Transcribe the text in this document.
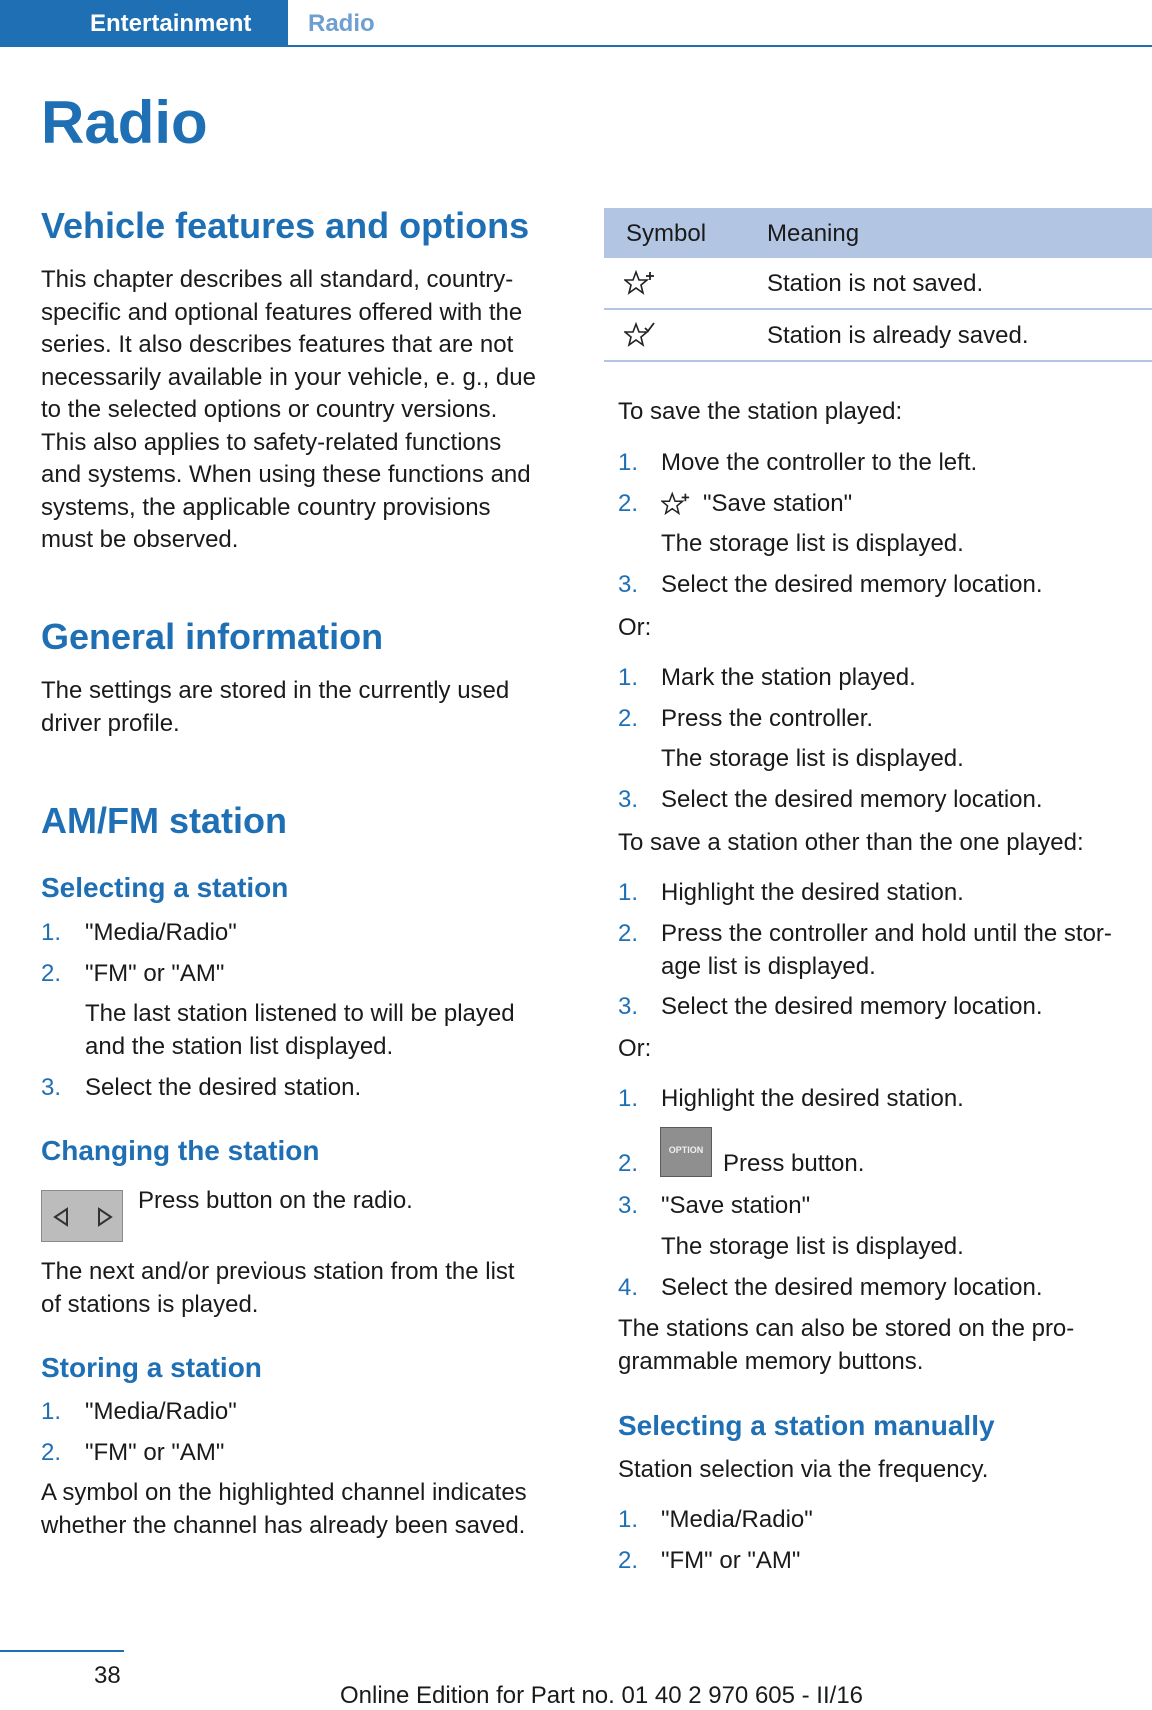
Entertainment Radio
Radio
Vehicle features and options
This chapter describes all standard, country-
specific and optional features offered with the
series. It also describes features that are not
necessarily available in your vehicle, e. g., due
to the selected options or country versions.
This also applies to safety-related functions
and systems. When using these functions and
systems, the applicable country provisions
must be observed.
General information
The settings are stored in the currently used
driver profile.
AM/FM station
Selecting a station
1. "Media/Radio"
2. "FM" or "AM"
The last station listened to will be played
and the station list displayed.
3. Select the desired station.
Changing the station
Press button on the radio.
The next and/or previous station from the list
of stations is played.
Storing a station
1. "Media/Radio"
2. "FM" or "AM"
A symbol on the highlighted channel indicates
whether the channel has already been saved.
Symbol	Meaning
Station is not saved.
Station is already saved.
To save the station played:
1. Move the controller to the left.
2.	"Save station"
The storage list is displayed.
3. Select the desired memory location.
Or:
1. Mark the station played.
2. Press the controller.
The storage list is displayed.
3. Select the desired memory location.
To save a station other than the one played:
1. Highlight the desired station.
2. Press the controller and hold until the stor-
age list is displayed.
3. Select the desired memory location.
Or:
1. Highlight the desired station.
2.	OPTION Press button.
3. "Save station"
The storage list is displayed.
4. Select the desired memory location.
The stations can also be stored on the pro-
grammable memory buttons.
Selecting a station manually
Station selection via the frequency.
1. "Media/Radio"
2. "FM" or "AM"
38
Online Edition for Part no. 01 40 2 970 605 - II/16
